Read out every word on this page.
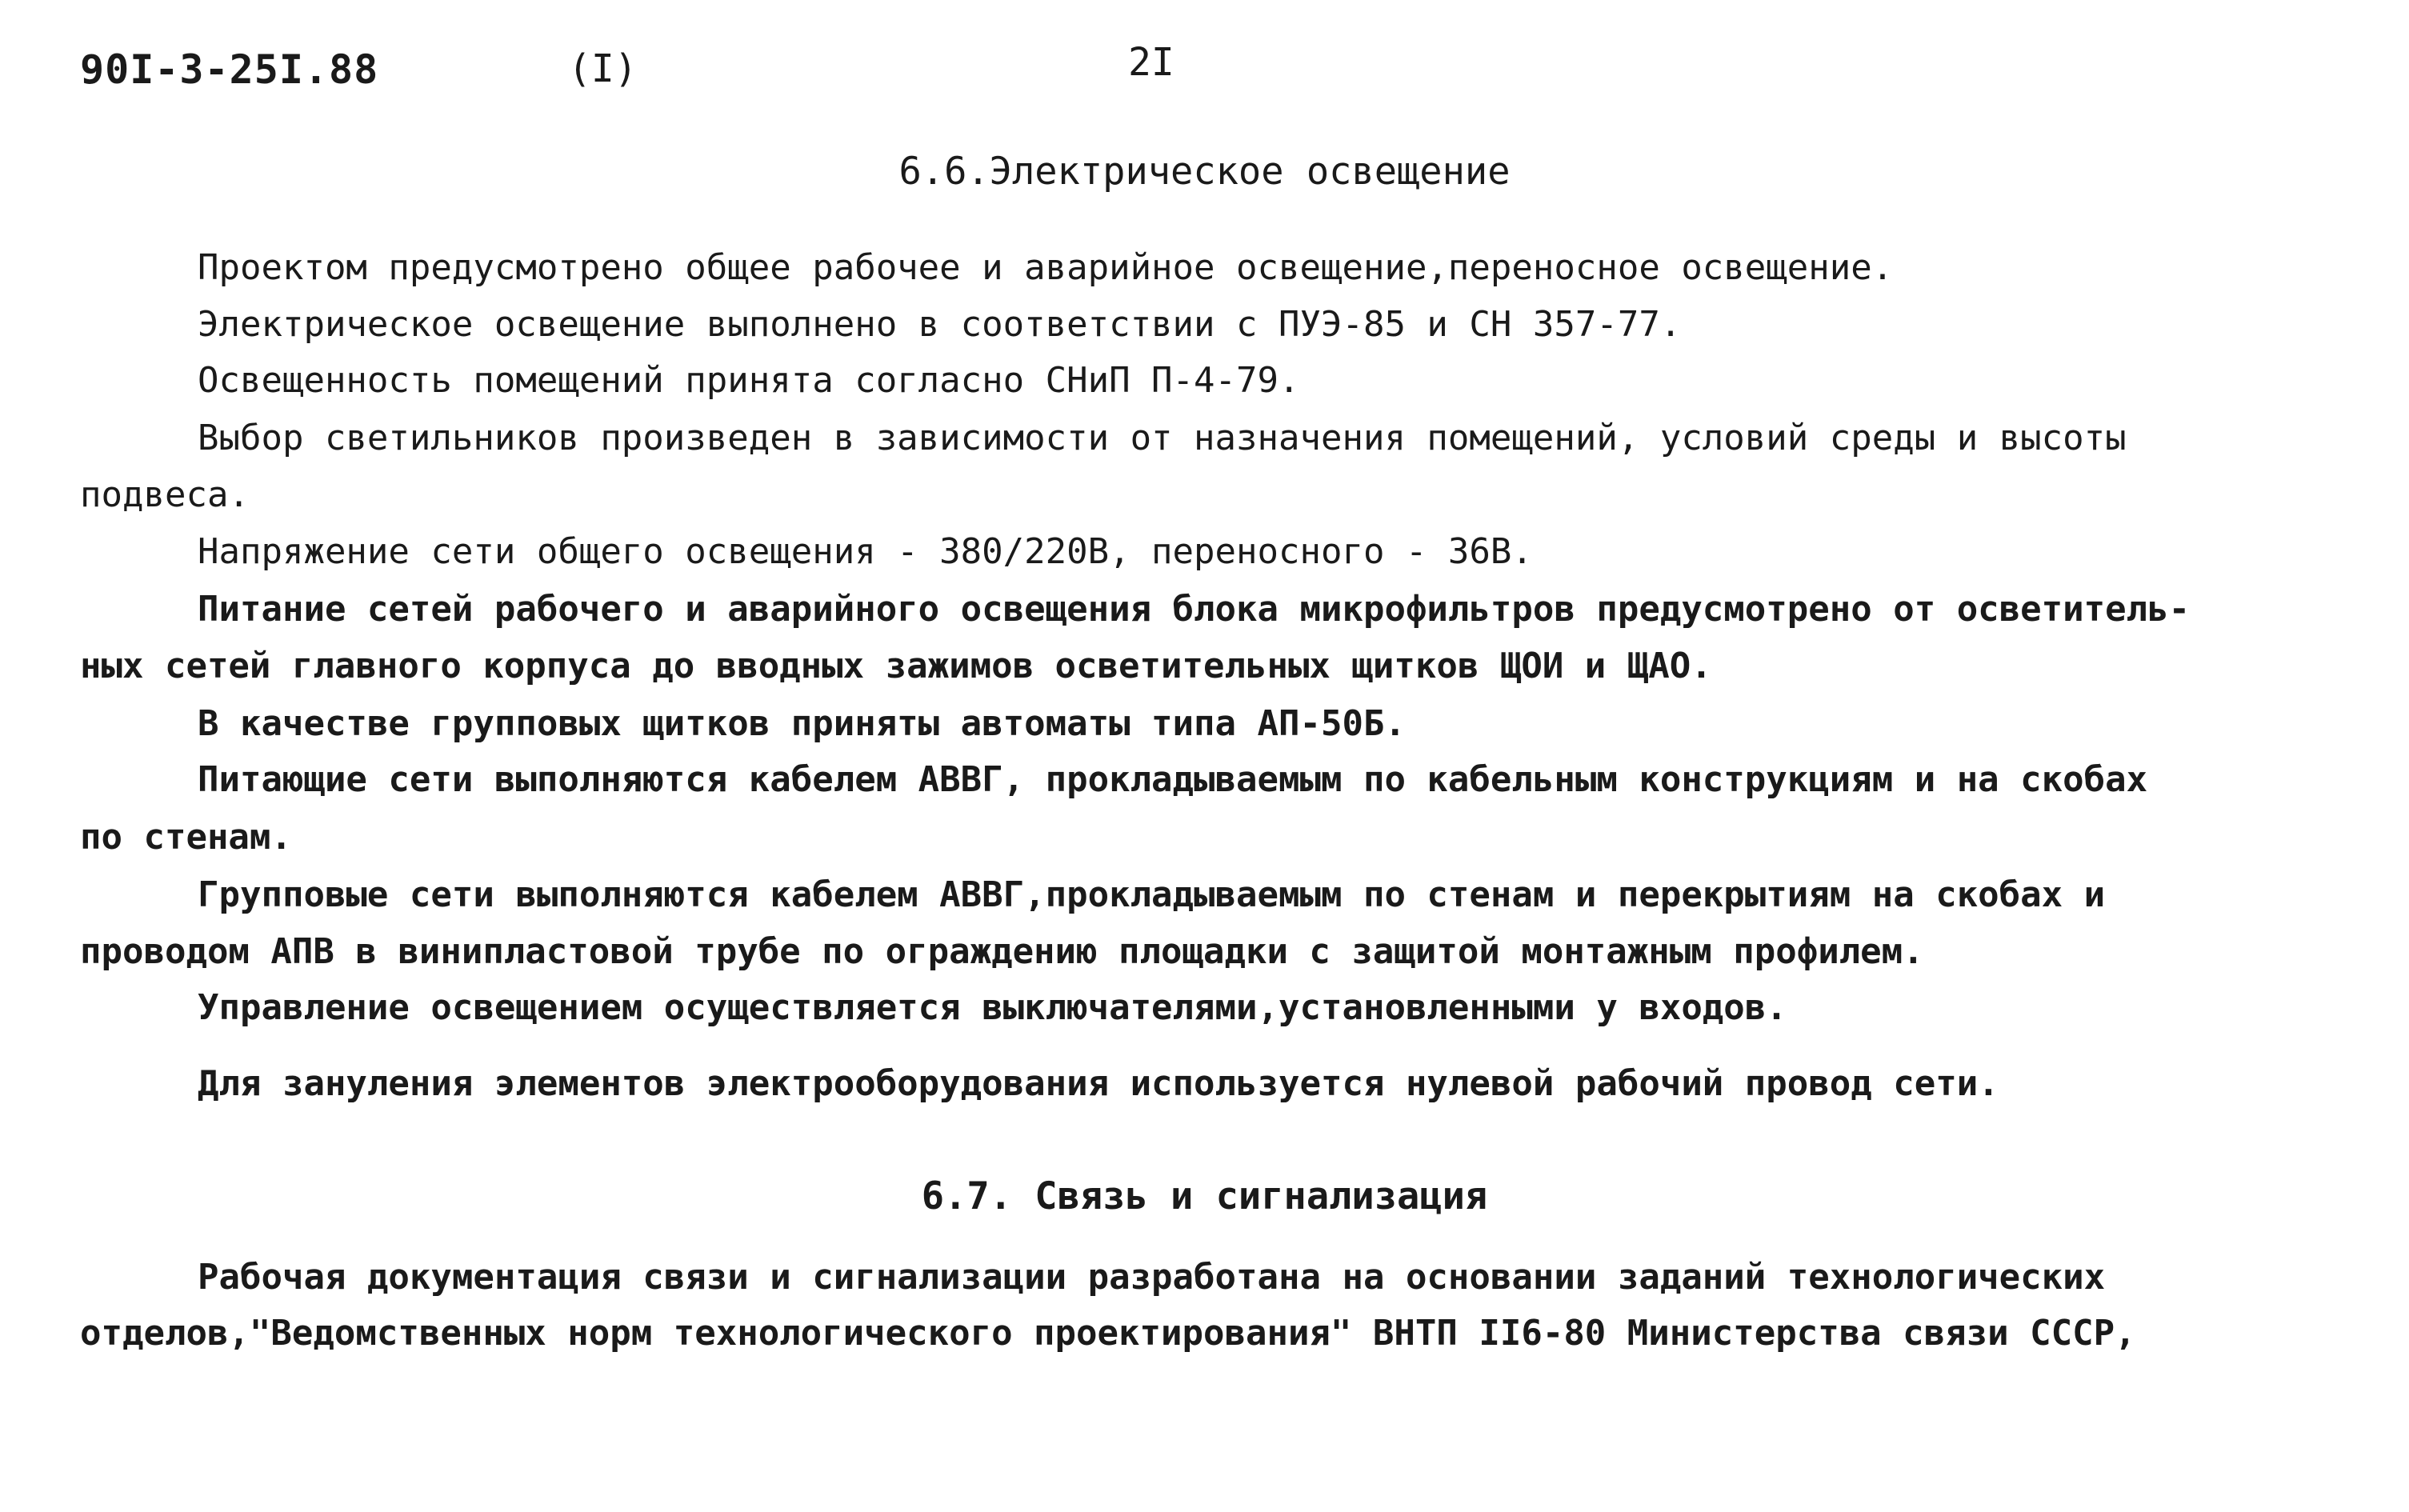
90I-3-25I.88	(I)	2I
6.6.Электрическое освещение
Проектом предусмотрено общее рабочее и аварийное освещение,переносное освещение.
Электрическое освещение выполнено в соответствии с ПУЭ-85 и СН 357-77.
Освещенность помещений принята согласно СНиП П-4-79.
Выбор светильников произведен в зависимости от назначения помещений, условий среды и высоты
подвеса.
Напряжение сети общего освещения - 380/220В, переносного - 36В.
Питание сетей рабочего и аварийного освещения блока микрофильтров предусмотрено от осветитель-
ных сетей главного корпуса до вводных зажимов осветительных щитков ЩОИ и ЩАО.
В качестве групповых щитков приняты автоматы типа АП-50Б.
Питающие сети выполняются кабелем АВВГ, прокладываемым по кабельным конструкциям и на скобах
по стенам.
Групповые сети выполняются кабелем АВВГ,прокладываемым по стенам и перекрытиям на скобах и
проводом АПВ в винипластовой трубе по ограждению площадки с защитой монтажным профилем.
Управление освещением осуществляется выключателями,установленными у входов.
Для зануления элементов электрооборудования используется нулевой рабочий провод сети.
6.7. Связь и сигнализация
Рабочая документация связи и сигнализации разработана на основании заданий технологических
отделов,"Ведомственных норм технологического проектирования" ВНТП II6-80 Министерства связи СССР,
